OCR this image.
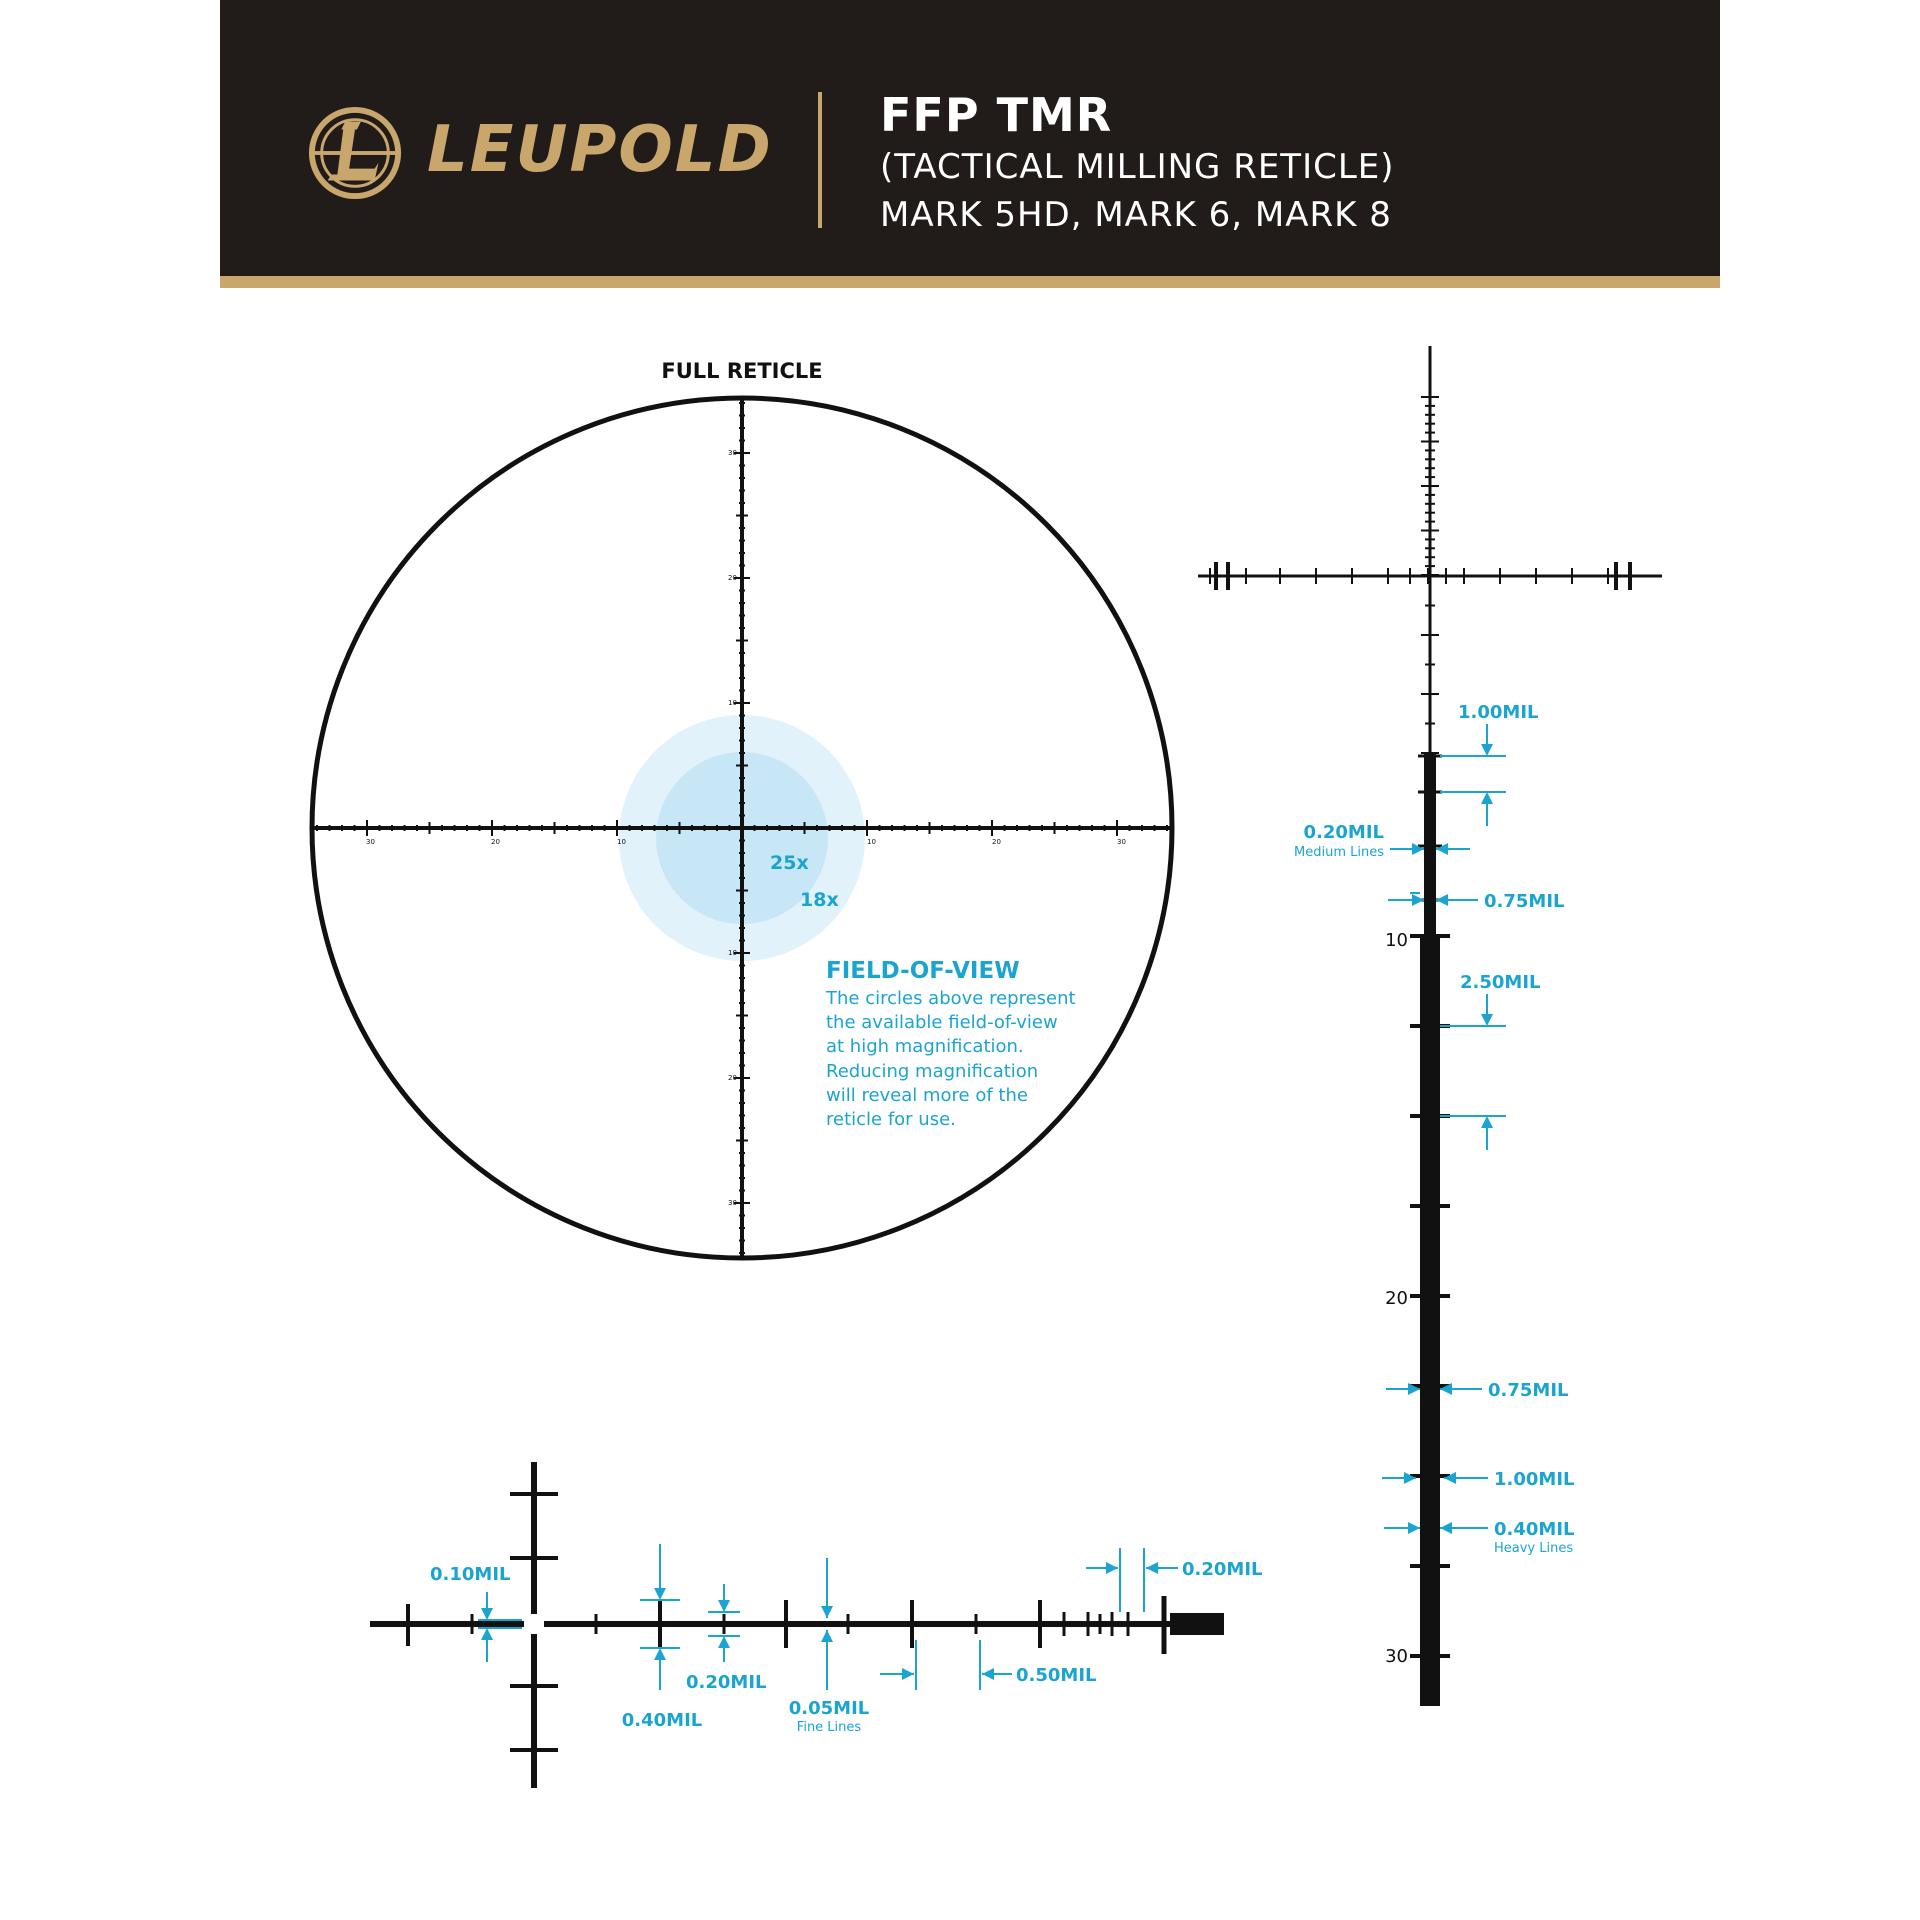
LEUPOLD FFP TMR
(TACTICAL MILLING RETICLE)
MARK 5HD, MARK 6, MARK 8
FULL RETICLE
30	20	10	10	20	30
30
20
10
10
20
30
25x
18x
FIELD-OF-VIEW
The circles above represent
the available field-of-view
at high magnification.
Reducing magnification
will reveal more of the
reticle for use.
10
20
30
1.00MIL
0.20MIL
Medium Lines
0.75MIL
2.50MIL
0.75MIL
1.00MIL
0.40MIL
Heavy Lines
0.10MIL
0.40MIL
0.20MIL
0.05MIL
Fine Lines
0.50MIL
0.20MIL
